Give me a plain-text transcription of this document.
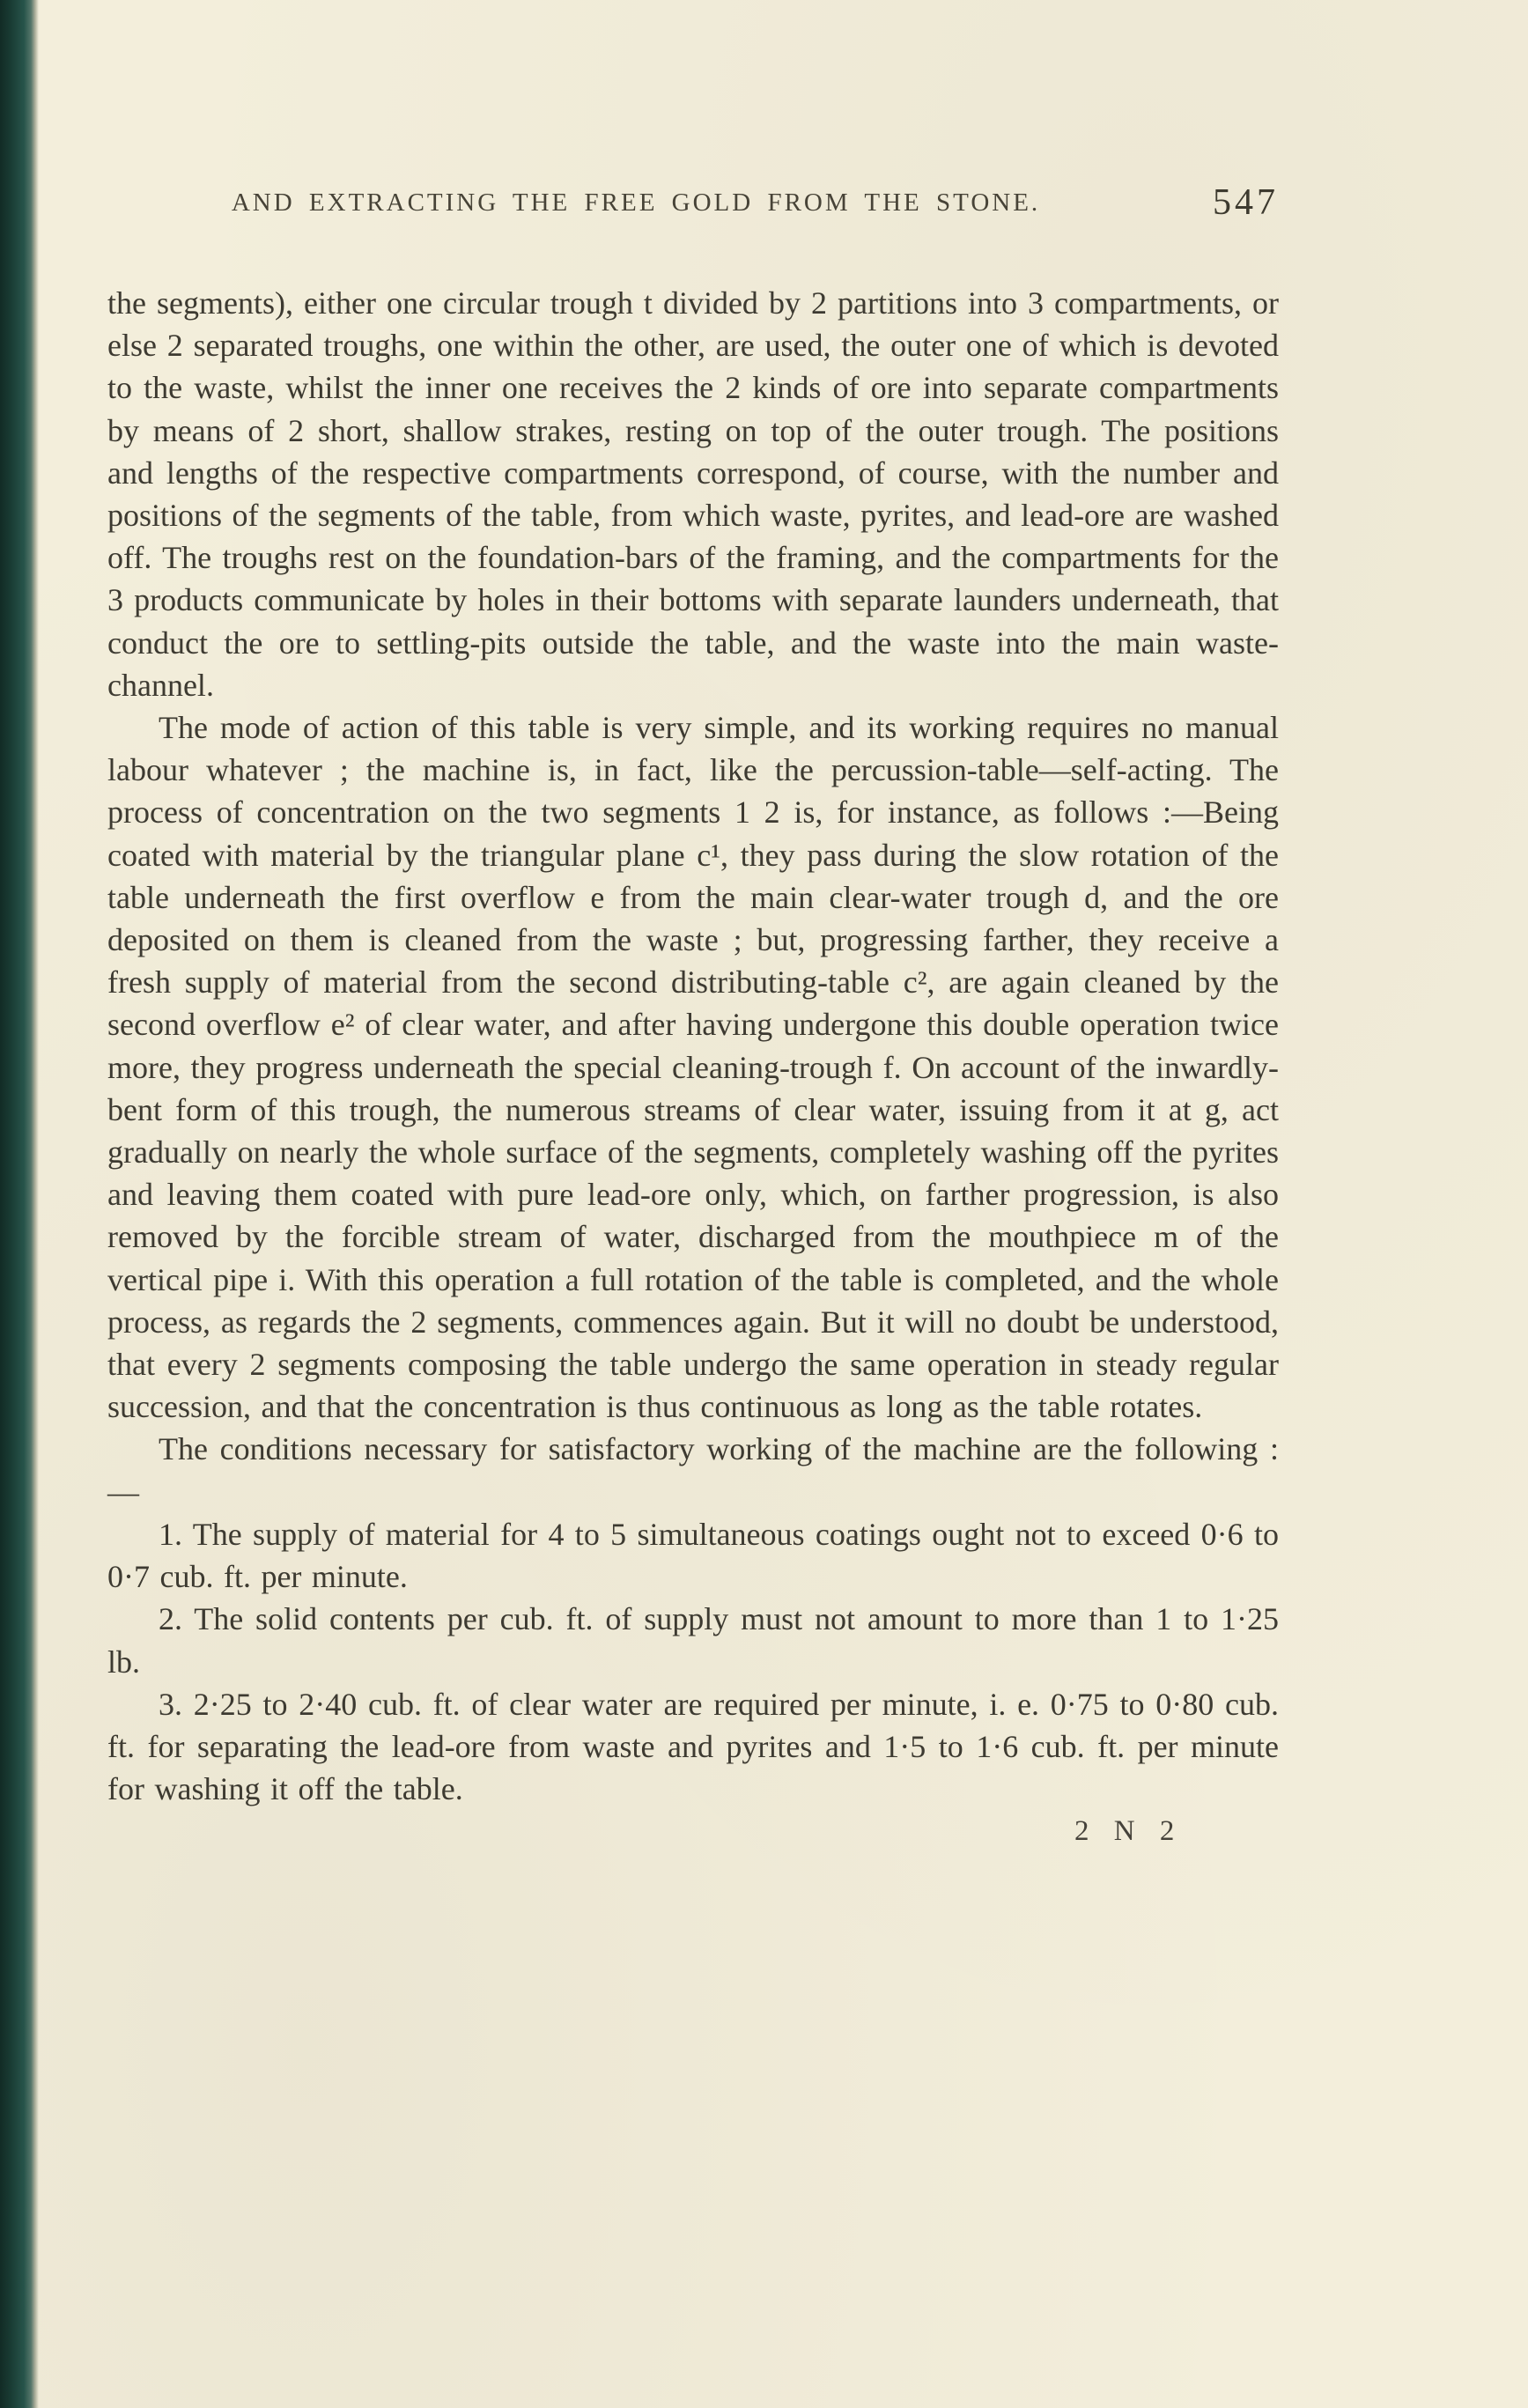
AND EXTRACTING THE FREE GOLD FROM THE STONE.	547

the segments), either one circular trough t divided by 2 partitions into 3 compartments, or else 2 separated troughs, one within the other, are used, the outer one of which is devoted to the waste, whilst the inner one receives the 2 kinds of ore into separate compartments by means of 2 short, shallow strakes, resting on top of the outer trough. The positions and lengths of the respective compartments correspond, of course, with the number and positions of the segments of the table, from which waste, pyrites, and lead-ore are washed off. The troughs rest on the foundation-bars of the framing, and the compartments for the 3 products communicate by holes in their bottoms with separate launders underneath, that conduct the ore to settling-pits outside the table, and the waste into the main waste-channel.

The mode of action of this table is very simple, and its working requires no manual labour whatever ; the machine is, in fact, like the percussion-table—self-acting. The process of concentration on the two segments 1 2 is, for instance, as follows :—Being coated with material by the triangular plane c¹, they pass during the slow rotation of the table underneath the first overflow e from the main clear-water trough d, and the ore deposited on them is cleaned from the waste ; but, progressing farther, they receive a fresh supply of material from the second distributing-table c², are again cleaned by the second overflow e² of clear water, and after having undergone this double operation twice more, they progress underneath the special cleaning-trough f. On account of the inwardly-bent form of this trough, the numerous streams of clear water, issuing from it at g, act gradually on nearly the whole surface of the segments, completely washing off the pyrites and leaving them coated with pure lead-ore only, which, on farther progression, is also removed by the forcible stream of water, discharged from the mouthpiece m of the vertical pipe i. With this operation a full rotation of the table is completed, and the whole process, as regards the 2 segments, commences again. But it will no doubt be understood, that every 2 segments composing the table undergo the same operation in steady regular succession, and that the concentration is thus continuous as long as the table rotates.

The conditions necessary for satisfactory working of the machine are the following :—

1. The supply of material for 4 to 5 simultaneous coatings ought not to exceed 0·6 to 0·7 cub. ft. per minute.

2. The solid contents per cub. ft. of supply must not amount to more than 1 to 1·25 lb.

3. 2·25 to 2·40 cub. ft. of clear water are required per minute, i. e. 0·75 to 0·80 cub. ft. for separating the lead-ore from waste and pyrites and 1·5 to 1·6 cub. ft. per minute for washing it off the table.

2 N 2
